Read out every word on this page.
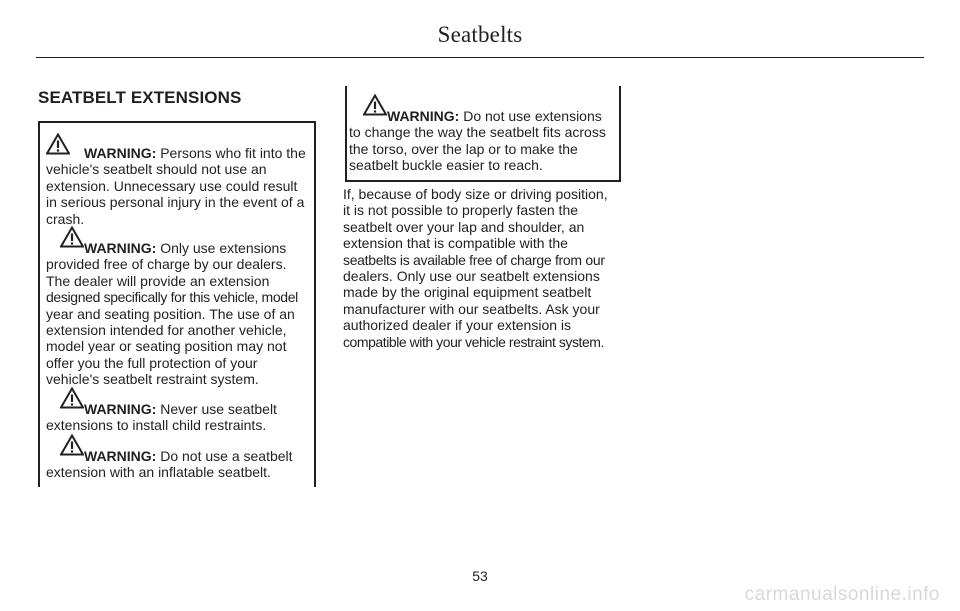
Seatbelts
SEATBELT EXTENSIONS
WARNING: Persons who fit into the
vehicle's seatbelt should not use an
extension. Unnecessary use could result
in serious personal injury in the event of a
crash.
WARNING: Only use extensions
provided free of charge by our dealers.
The dealer will provide an extension
designed specifically for this vehicle, model
year and seating position. The use of an
extension intended for another vehicle,
model year or seating position may not
offer you the full protection of your
vehicle's seatbelt restraint system.
WARNING: Never use seatbelt
extensions to install child restraints.
WARNING: Do not use a seatbelt
extension with an inflatable seatbelt.
WARNING: Do not use extensions
to change the way the seatbelt fits across
the torso, over the lap or to make the
seatbelt buckle easier to reach.
If, because of body size or driving position,
it is not possible to properly fasten the
seatbelt over your lap and shoulder, an
extension that is compatible with the
seatbelts is available free of charge from our
dealers. Only use our seatbelt extensions
made by the original equipment seatbelt
manufacturer with our seatbelts. Ask your
authorized dealer if your extension is
compatible with your vehicle restraint system.
53
carmanualsonline.info
